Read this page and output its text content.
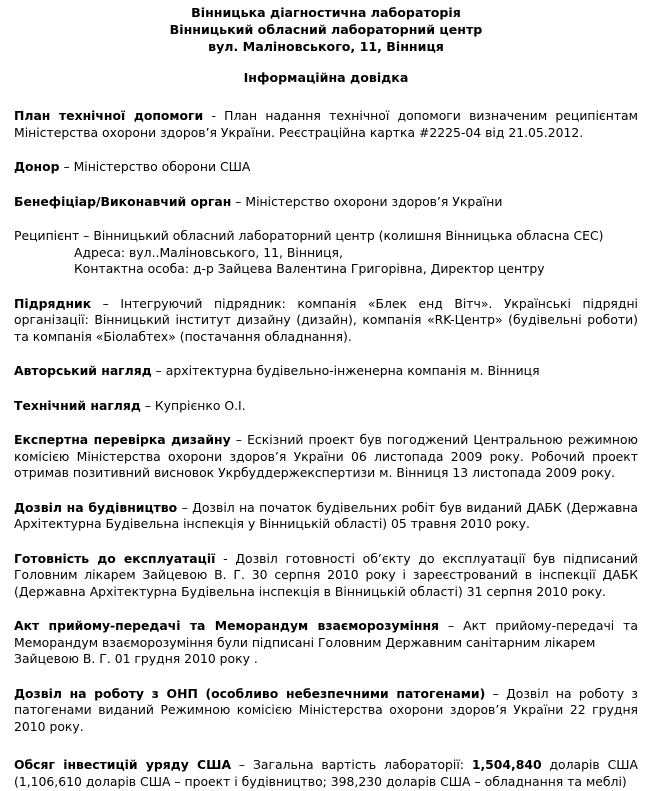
Вінницька діагностична лабораторія
Вінницький обласний лабораторний центр
вул. Маліновського, 11, Вінниця
Інформаційна довідка
План технічної допомоги - План надання технічної допомоги визначеним реципієнтам Міністерства охорони здоров’я України. Реєстраційна картка #2225-04 від 21.05.2012.
Донор – Міністерство оборони США
Бенефіціар/Виконавчий орган – Міністерство охорони здоров’я України
Реципієнт – Вінницький обласний лабораторний центр (колишня Вінницька обласна СЕС)
Адреса: вул..Маліновського, 11, Вінниця,
Контактна особа: д-р Зайцева Валентина Григорівна, Директор центру
Підрядник – Інтегруючий підрядник: компанія «Блек енд Вітч». Українські підрядні організації: Вінницький інститут дизайну (дизайн), компанія «RK-Центр» (будівельні роботи) та компанія «Біолабтех» (постачання обладнання).
Авторський нагляд – архітектурна будівельно-інженерна компанія м. Вінниця
Технічний нагляд – Купрієнко О.І.
Експертна перевірка дизайну – Ескізний проект був погоджений Центральною режимною комісією Міністерства охорони здоров’я України 06 листопада 2009 року. Робочий проект отримав позитивний висновок Укрбуддержекспертизи м. Вінниця 13 листопада 2009 року.
Дозвіл на будівництво – Дозвіл на початок будівельних робіт був виданий ДАБК (Державна Архітектурна Будівельна інспекція у Вінницькій області) 05 травня 2010 року.
Готовність до експлуатації - Дозвіл готовності об’єкту до експлуатації був підписаний Головним лікарем Зайцевою В. Г. 30 серпня 2010 року і зареєстрований в інспекції ДАБК (Державна Архітектурна Будівельна інспекція в Вінницькій області) 31 серпня 2010 року.
Акт прийому-передачі та Меморандум взаєморозуміння – Акт прийому-передачі та Меморандум взаєморозуміння були підписані Головним Державним санітарним лікарем
Зайцевою В. Г. 01 грудня 2010 року .
Дозвіл на роботу з ОНП (особливо небезпечними патогенами) – Дозвіл на роботу з патогенами виданий Режимною комісією Міністерства охорони здоров’я України 22 грудня 2010 року.
Обсяг інвестицій уряду США – Загальна вартість лабораторії: 1,504,840 доларів США (1,106,610 доларів США – проект і будівництво; 398,230 доларів США – обладнання та меблі)
